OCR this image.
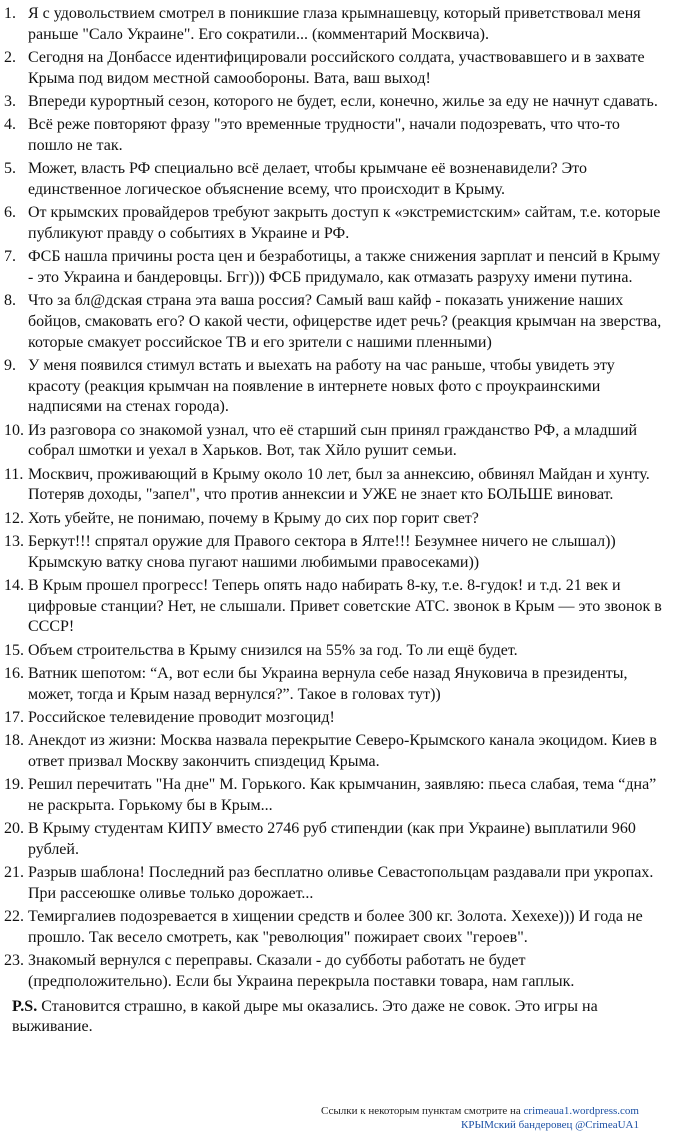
1. Я с удовольствием смотрел в поникшие глаза крымнашевцу, который приветствовал меня раньше "Сало Украине". Его сократили... (комментарий Москвича).
2. Сегодня на Донбассе идентифицировали российского солдата, участвовавшего и в захвате Крыма под видом местной самообороны. Вата, ваш выход!
3. Впереди курортный сезон, которого не будет, если, конечно, жилье за еду не начнут сдавать.
4. Всё реже повторяют фразу "это временные трудности", начали подозревать, что что-то пошло не так.
5. Может, власть РФ специально всё делает, чтобы крымчане её возненавидели? Это единственное логическое объяснение всему, что происходит в Крыму.
6. От крымских провайдеров требуют закрыть доступ к «экстремистским» сайтам, т.е. которые публикуют правду о событиях в Украине и РФ.
7. ФСБ нашла причины роста цен и безработицы, а также снижения зарплат и пенсий в Крыму - это Украина и бандеровцы. Бгг))) ФСБ придумало, как отмазать разруху имени путина.
8. Что за бл@дская страна эта ваша россия? Самый ваш кайф - показать унижение наших бойцов, смаковать его? О какой чести, офицерстве идет речь? (реакция крымчан на зверства, которые смакует российское ТВ и его зрители с нашими пленными)
9. У меня появился стимул встать и выехать на работу на час раньше, чтобы увидеть эту красоту (реакция крымчан на появление в интернете новых фото с проукраинскими надписями на стенах города).
10. Из разговора со знакомой узнал, что её старший сын принял гражданство РФ, а младший собрал шмотки и уехал в Харьков. Вот, так Хйло рушит семьи.
11. Москвич, проживающий в Крыму около 10 лет, был за аннексию, обвинял Майдан и хунту. Потеряв доходы, "запел", что против аннексии и УЖЕ не знает кто БОЛЬШЕ виноват.
12. Хоть убейте, не понимаю, почему в Крыму до сих пор горит свет?
13. Беркут!!! спрятал оружие для Правого сектора в Ялте!!! Безумнее ничего не слышал)) Крымскую ватку снова пугают нашими любимыми правосеками))
14. В Крым прошел прогресс! Теперь опять надо набирать 8-ку, т.е. 8-гудок! и т.д. 21 век и цифровые станции? Нет, не слышали. Привет советские АТС. звонок в Крым — это звонок в СССР!
15. Объем строительства в Крыму снизился на 55% за год. То ли ещё будет.
16. Ватник шепотом: “А, вот если бы Украина вернула себе назад Януковича в президенты, может, тогда и Крым назад вернулся?”. Такое в головах тут))
17. Российское телевидение проводит мозгоцид!
18. Анекдот из жизни: Москва назвала перекрытие Северо-Крымского канала экоцидом. Киев в ответ призвал Москву закончить спиздецид Крыма.
19. Решил перечитать "На дне" М. Горького. Как крымчанин, заявляю: пьеса слабая, тема “дна” не раскрыта. Горькому бы в Крым...
20. В Крыму студентам КИПУ вместо 2746 руб стипендии (как при Украине) выплатили 960 рублей.
21. Разрыв шаблона! Последний раз бесплатно оливье Севастопольцам раздавали при укропах. При рассеюшке оливье только дорожает...
22. Темиргалиев подозревается в хищении средств и более 300 кг. Золота. Хехехе))) И года не прошло. Так весело смотреть, как "революция" пожирает своих "героев".
23. Знакомый вернулся с переправы. Сказали - до субботы работать не будет (предположительно). Если бы Украина перекрыла поставки товара, нам гаплык.
P.S. Становится страшно, в какой дыре мы оказались. Это даже не совок. Это игры на выживание.
Ссылки к некоторым пунктам смотрите на crimeaua1.wordpress.com
КРЫМский бандеровец @CrimeaUA1
